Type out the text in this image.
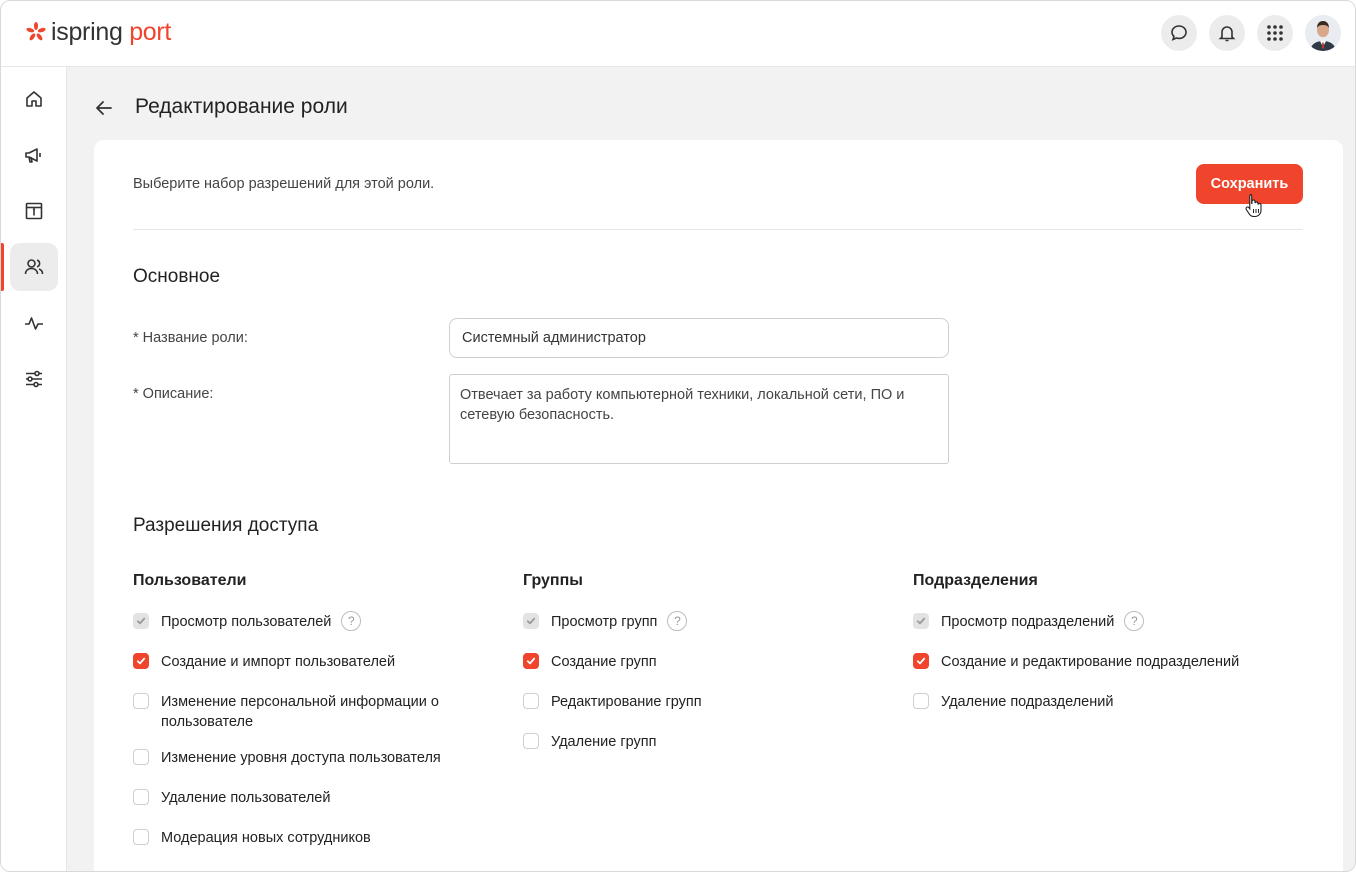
ispring port
Редактирование роли
Выберите набор разрешений для этой роли.	Сохранить
Основное
* Название роли:
Системный администратор
* Описание:
Отвечает за работу компьютерной техники, локальной сети, ПО и сетевую безопасность.
Разрешения доступа
Пользователи
Просмотр пользователей	?
Создание и импорт пользователей
Изменение персональной информации о пользователе
Изменение уровня доступа пользователя
Удаление пользователей
Модерация новых сотрудников
Группы
Просмотр групп	?
Создание групп
Редактирование групп
Удаление групп
Подразделения
Просмотр подразделений	?
Создание и редактирование подразделений
Удаление подразделений
